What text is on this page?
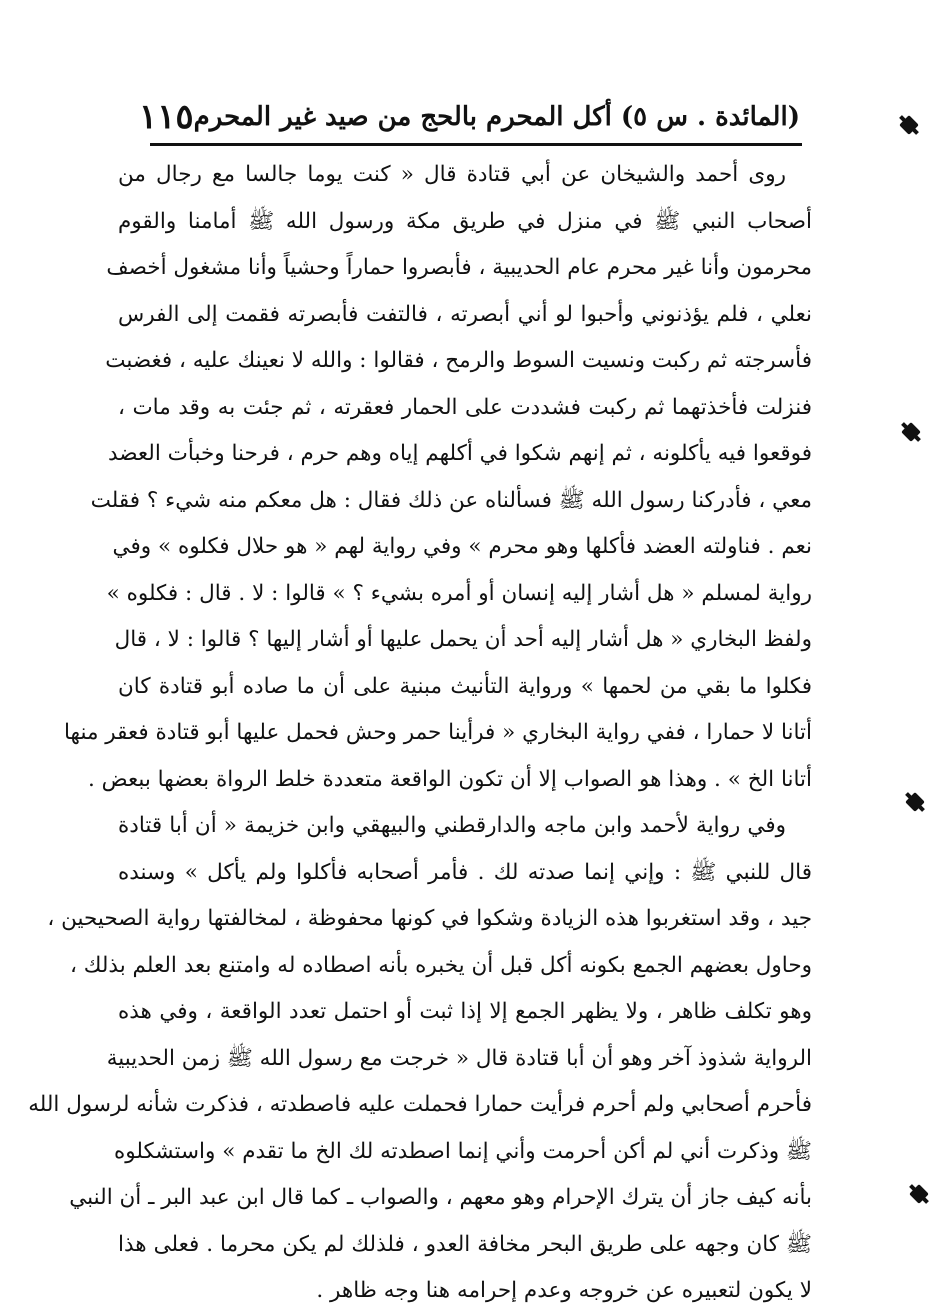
(المائدة . س ٥) أكل المحرم بالحج من صيد غير المحرم
١١٥
روى أحمد والشيخان عن أبي قتادة قال « كنت يوما جالسا مع رجال من
أصحاب النبي ﷺ في منزل في طريق مكة ورسول الله ﷺ أمامنا والقوم
محرمون وأنا غير محرم عام الحديبية ، فأبصروا حماراً وحشياً وأنا مشغول أخصف
نعلي ، فلم يؤذنوني وأحبوا لو أني أبصرته ، فالتفت فأبصرته فقمت إلى الفرس
فأسرجته ثم ركبت ونسيت السوط والرمح ، فقالوا : والله لا نعينك عليه ، فغضبت
فنزلت فأخذتهما ثم ركبت فشددت على الحمار فعقرته ، ثم جئت به وقد مات ،
فوقعوا فيه يأكلونه ، ثم إنهم شكوا في أكلهم إياه وهم حرم ، فرحنا وخبأت العضد
معي ، فأدركنا رسول الله ﷺ فسألناه عن ذلك فقال : هل معكم منه شيء ؟ فقلت
نعم . فناولته العضد فأكلها وهو محرم » وفي رواية لهم « هو حلال فكلوه » وفي
رواية لمسلم « هل أشار إليه إنسان أو أمره بشيء ؟ » قالوا : لا . قال : فكلوه »
ولفظ البخاري « هل أشار إليه أحد أن يحمل عليها أو أشار إليها ؟ قالوا : لا ، قال
فكلوا ما بقي من لحمها » ورواية التأنيث مبنية على أن ما صاده أبو قتادة كان
أتانا لا حمارا ، ففي رواية البخاري « فرأينا حمر وحش فحمل عليها أبو قتادة فعقر منها
أتانا الخ » . وهذا هو الصواب إلا أن تكون الواقعة متعددة خلط الرواة بعضها ببعض .
وفي رواية لأحمد وابن ماجه والدارقطني والبيهقي وابن خزيمة « أن أبا قتادة
قال للنبي ﷺ : وإني إنما صدته لك . فأمر أصحابه فأكلوا ولم يأكل » وسنده
جيد ، وقد استغربوا هذه الزيادة وشكوا في كونها محفوظة ، لمخالفتها رواية الصحيحين ،
وحاول بعضهم الجمع بكونه أكل قبل أن يخبره بأنه اصطاده له وامتنع بعد العلم بذلك ،
وهو تكلف ظاهر ، ولا يظهر الجمع إلا إذا ثبت أو احتمل تعدد الواقعة ، وفي هذه
الرواية شذوذ آخر وهو أن أبا قتادة قال « خرجت مع رسول الله ﷺ زمن الحديبية
فأحرم أصحابي ولم أحرم فرأيت حمارا فحملت عليه فاصطدته ، فذكرت شأنه لرسول الله
ﷺ وذكرت أني لم أكن أحرمت وأني إنما اصطدته لك الخ ما تقدم » واستشكلوه
بأنه كيف جاز أن يترك الإحرام وهو معهم ، والصواب ـ كما قال ابن عبد البر ـ أن النبي
ﷺ كان وجهه على طريق البحر مخافة العدو ، فلذلك لم يكن محرما . فعلى هذا
لا يكون لتعبيره عن خروجه وعدم إحرامه هنا وجه ظاهر .
